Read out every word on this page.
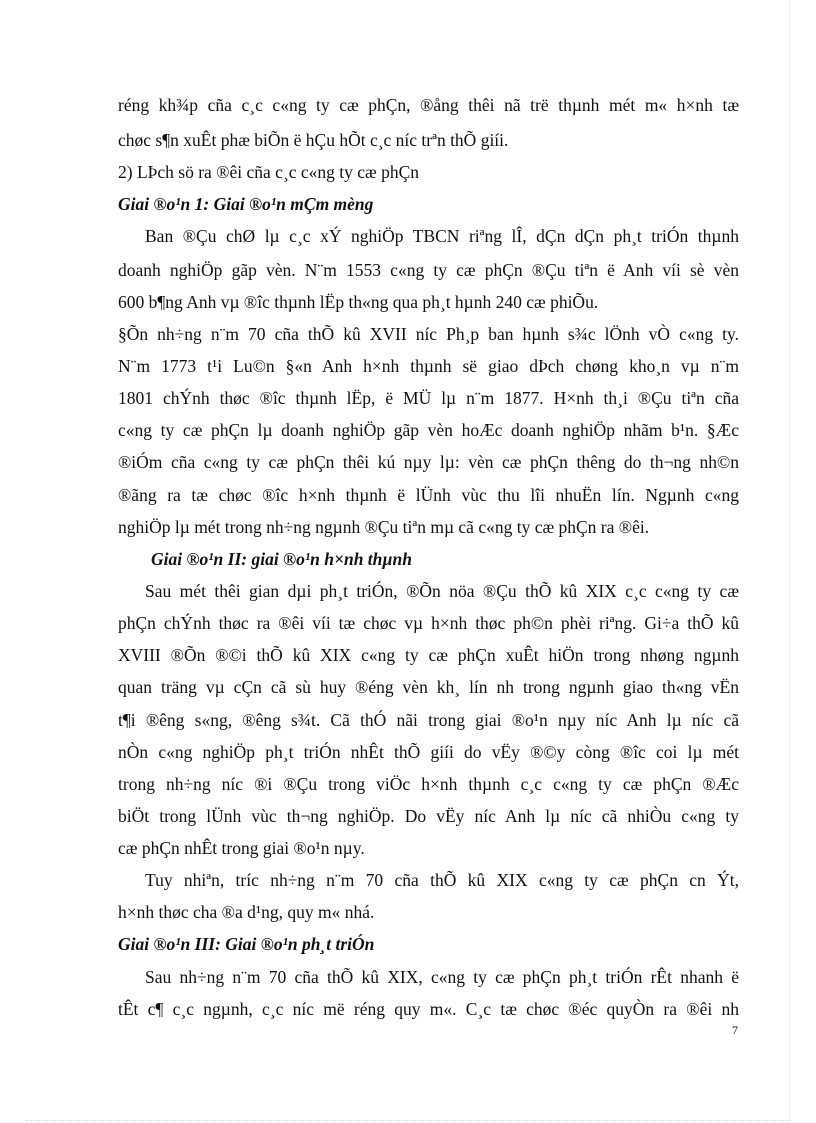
réng kh¾p cña c¸c c«ng ty cæ phÇn, ®ång thêi nã trë thµnh mét m« h×nh tæ
chøc s¶n xuÊt phæ biÕn ë hÇu hÕt c¸c níc trªn thÕ giíi.
2) LÞch sö ra ®êi cña c¸c c«ng ty cæ phÇn
Giai ®o¹n 1: Giai ®o¹n mÇm mèng
Ban ®Çu chØ lµ c¸c xÝ nghiÖp TBCN riªng lÎ, dÇn dÇn ph¸t triÓn thµnh
doanh nghiÖp gãp vèn. N¨m 1553 c«ng ty cæ phÇn ®Çu tiªn ë Anh víi sè vèn
600 b¶ng Anh vµ ®îc thµnh lËp th«ng qua ph¸t hµnh 240 cæ phiÕu.
§Õn nh÷ng n¨m 70 cña thÕ kû XVII níc Ph¸p ban hµnh s¾c lÖnh vÒ c«ng ty.
N¨m 1773 t¹i Lu©n §«n Anh h×nh thµnh së giao dÞch chøng kho¸n vµ n¨m
1801 chÝnh thøc ®îc thµnh lËp, ë MÜ lµ n¨m 1877. H×nh th¸i ®Çu tiªn cña
c«ng ty cæ phÇn lµ doanh nghiÖp gãp vèn hoÆc doanh nghiÖp nhãm b¹n. §Æc
®iÓm cña c«ng ty cæ phÇn thêi kú nµy lµ: vèn cæ phÇn thêng do th¬ng nh©n
®ãng ra tæ chøc ®îc h×nh thµnh ë lÜnh vùc thu lîi nhuËn lín. Ngµnh c«ng
nghiÖp lµ mét trong nh÷ng ngµnh ®Çu tiªn mµ cã c«ng ty cæ phÇn ra ®êi.
Giai ®o¹n II: giai ®o¹n h×nh thµnh
Sau mét thêi gian dµi ph¸t triÓn, ®Õn nöa ®Çu thÕ kû XIX c¸c c«ng ty cæ
phÇn chÝnh thøc ra ®êi víi tæ chøc vµ h×nh thøc ph©n phèi riªng. Gi÷a thÕ kû
XVIII ®Õn ®©i thÕ kû XIX c«ng ty cæ phÇn xuÊt hiÖn trong nhøng ngµnh
quan träng vµ cÇn cã sù huy ®éng vèn kh¸ lín nh trong ngµnh giao th«ng vËn
t¶i ®êng s«ng, ®êng s¾t. Cã thÓ nãi trong giai ®o¹n nµy níc Anh lµ níc cã
nÒn c«ng nghiÖp ph¸t triÓn nhÊt thÕ giíi do vËy ®©y còng ®îc coi lµ mét
trong nh÷ng níc ®i ®Çu trong viÖc h×nh thµnh c¸c c«ng ty cæ phÇn ®Æc
biÖt trong lÜnh vùc th¬ng nghiÖp. Do vËy níc Anh lµ níc cã nhiÒu c«ng ty
cæ phÇn nhÊt trong giai ®o¹n nµy.
Tuy nhiªn, tríc nh÷ng n¨m 70 cña thÕ kû XIX c«ng ty cæ phÇn cn Ýt,
h×nh thøc cha ®a d¹ng, quy m« nhá.
Giai ®o¹n III: Giai ®o¹n ph¸t triÓn
Sau nh÷ng n¨m 70 cña thÕ kû XIX, c«ng ty cæ phÇn ph¸t triÓn rÊt nhanh ë
tÊt c¶ c¸c ngµnh, c¸c níc më réng quy m«. C¸c tæ chøc ®éc quyÒn ra ®êi nh
7
